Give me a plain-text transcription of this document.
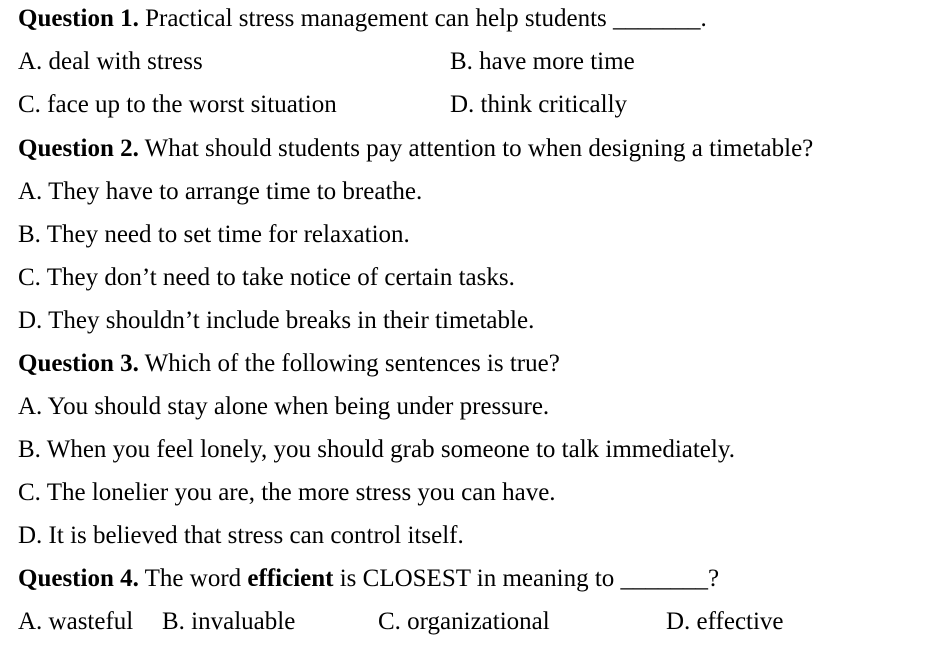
Question 1. Practical stress management can help students _______.
A. deal with stress	B. have more time
C. face up to the worst situation	D. think critically
Question 2. What should students pay attention to when designing a timetable?
A. They have to arrange time to breathe.
B. They need to set time for relaxation.
C. They don’t need to take notice of certain tasks.
D. They shouldn’t include breaks in their timetable.
Question 3. Which of the following sentences is true?
A. You should stay alone when being under pressure.
B. When you feel lonely, you should grab someone to talk immediately.
C. The lonelier you are, the more stress you can have.
D. It is believed that stress can control itself.
Question 4. The word efficient is CLOSEST in meaning to _______?
A. wasteful B. invaluable	C. organizational	D. effective
